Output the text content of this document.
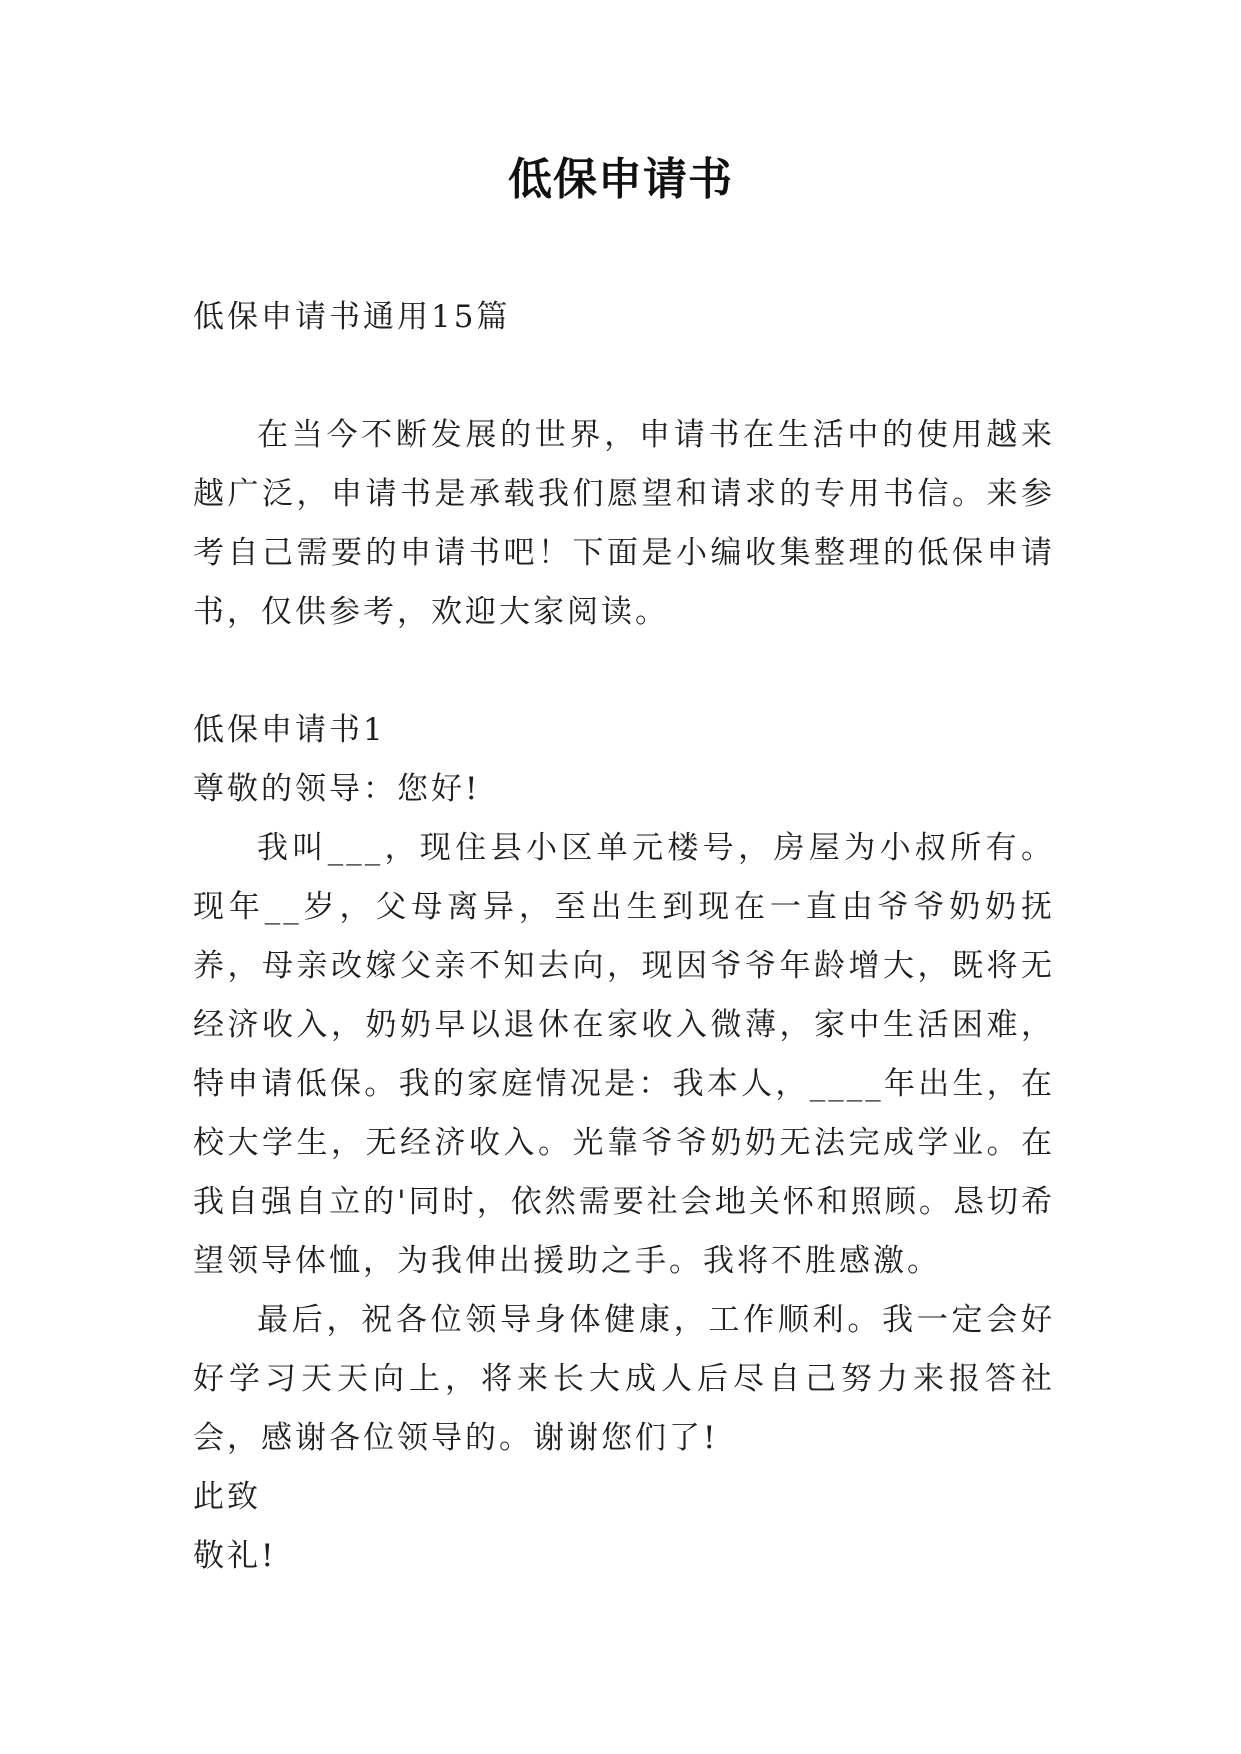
低保申请书

低保申请书通用15篇

在当今不断发展的世界，申请书在生活中的使用越来越广泛，申请书是承载我们愿望和请求的专用书信。来参考自己需要的申请书吧！下面是小编收集整理的低保申请书，仅供参考，欢迎大家阅读。

低保申请书1

尊敬的领导：您好!

我叫___，现住县小区单元楼号，房屋为小叔所有。现年__岁，父母离异，至出生到现在一直由爷爷奶奶抚养，母亲改嫁父亲不知去向，现因爷爷年龄增大，既将无经济收入，奶奶早以退休在家收入微薄，家中生活困难，特申请低保。我的家庭情况是：我本人，____年出生，在校大学生，无经济收入。光靠爷爷奶奶无法完成学业。在我自强自立的'同时，依然需要社会地关怀和照顾。恳切希望领导体恤，为我伸出援助之手。我将不胜感激。

最后，祝各位领导身体健康，工作顺利。我一定会好好学习天天向上，将来长大成人后尽自己努力来报答社会，感谢各位领导的。谢谢您们了!

此致

敬礼!
